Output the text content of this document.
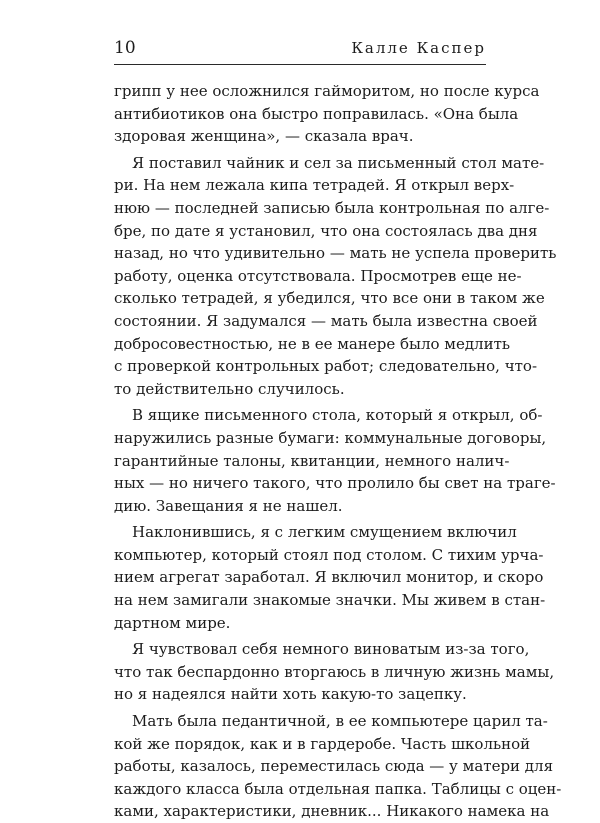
10	Калле Каспер
грипп у нее осложнился гайморитом, но после курса
антибиотиков она быстро поправилась. «Она была
здоровая женщина», — сказала врач.
Я поставил чайник и сел за письменный стол мате-
ри. На нем лежала кипа тетрадей. Я открыл верх-
нюю — последней записью была контрольная по алге-
бре, по дате я установил, что она состоялась два дня
назад, но что удивительно — мать не успела проверить
работу, оценка отсутствовала. Просмотрев еще не-
сколько тетрадей, я убедился, что все они в таком же
состоянии. Я задумался — мать была известна своей
добросовестностью, не в ее манере было медлить
с проверкой контрольных работ; следовательно, что-
то действительно случилось.
В ящике письменного стола, который я открыл, об-
наружились разные бумаги: коммунальные договоры,
гарантийные талоны, квитанции, немного налич-
ных — но ничего такого, что пролило бы свет на траге-
дию. Завещания я не нашел.
Наклонившись, я с легким смущением включил
компьютер, который стоял под столом. С тихим урча-
нием агрегат заработал. Я включил монитор, и скоро
на нем замигали знакомые значки. Мы живем в стан-
дартном мире.
Я чувствовал себя немного виноватым из-за того,
что так беспардонно вторгаюсь в личную жизнь мамы,
но я надеялся найти хоть какую-то зацепку.
Мать была педантичной, в ее компьютере царил та-
кой же порядок, как и в гардеробе. Часть школьной
работы, казалось, переместилась сюда — у матери для
каждого класса была отдельная папка. Таблицы с оцен-
ками, характеристики, дневник... Никакого намека на
